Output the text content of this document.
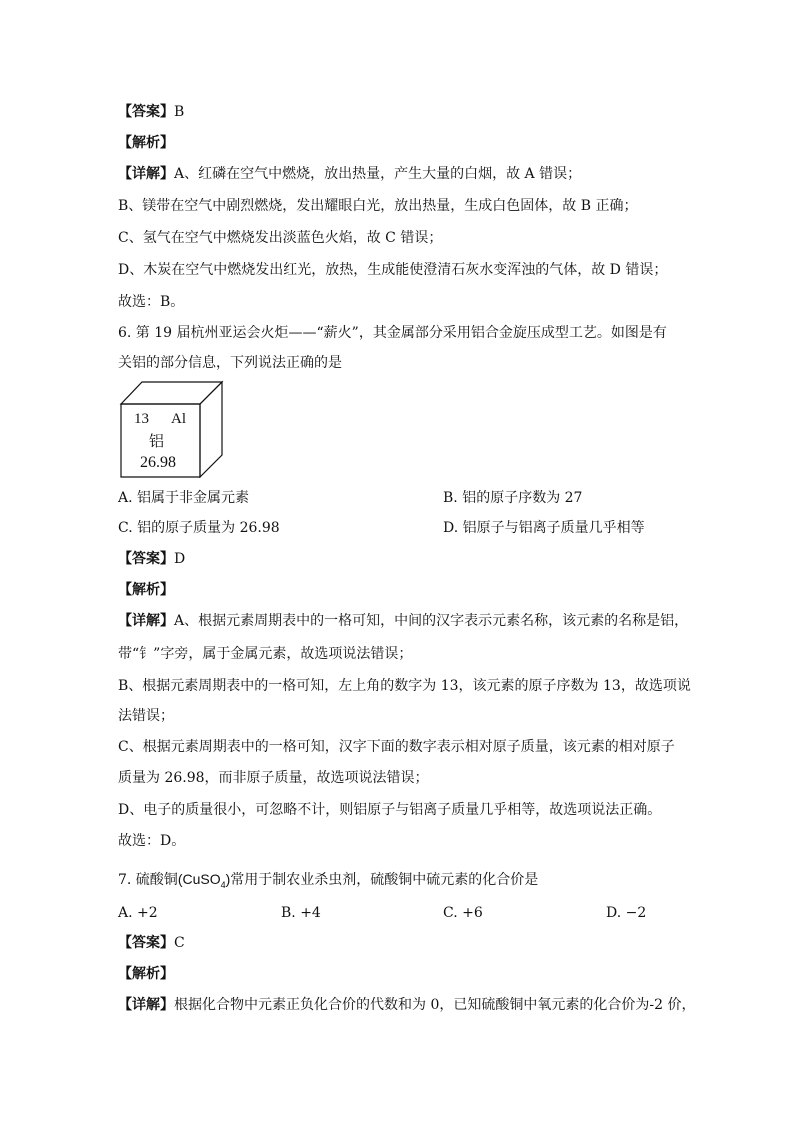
【答案】B
【解析】
【详解】A、红磷在空气中燃烧，放出热量，产生大量的白烟，故 A 错误；
B、镁带在空气中剧烈燃烧，发出耀眼白光，放出热量，生成白色固体，故 B 正确；
C、氢气在空气中燃烧发出淡蓝色火焰，故 C 错误；
D、木炭在空气中燃烧发出红光，放热，生成能使澄清石灰水变浑浊的气体，故 D 错误；
故选：B。
6. 第 19 届杭州亚运会火炬——“薪火”，其金属部分采用铝合金旋压成型工艺。如图是有
关铝的部分信息，下列说法正确的是
13 Al
铝
26.98
A. 铝属于非金属元素	B. 铝的原子序数为 27
C. 铝的原子质量为 26.98	D. 铝原子与铝离子质量几乎相等
【答案】D
【解析】
【详解】A、根据元素周期表中的一格可知，中间的汉字表示元素名称，该元素的名称是铝，
带“钅”字旁，属于金属元素，故选项说法错误；
B、根据元素周期表中的一格可知，左上角的数字为 13，该元素的原子序数为 13，故选项说
法错误；
C、根据元素周期表中的一格可知，汉字下面的数字表示相对原子质量，该元素的相对原子
质量为 26.98，而非原子质量，故选项说法错误；
D、电子的质量很小，可忽略不计，则铝原子与铝离子质量几乎相等，故选项说法正确。
故选：D。
7. 硫酸铜(CuSO$_4$)常用于制农业杀虫剂，硫酸铜中硫元素的化合价是
A. +2	B. +4	C. +6	D. −2
【答案】C
【解析】
【详解】根据化合物中元素正负化合价的代数和为 0，已知硫酸铜中氧元素的化合价为-2 价，
